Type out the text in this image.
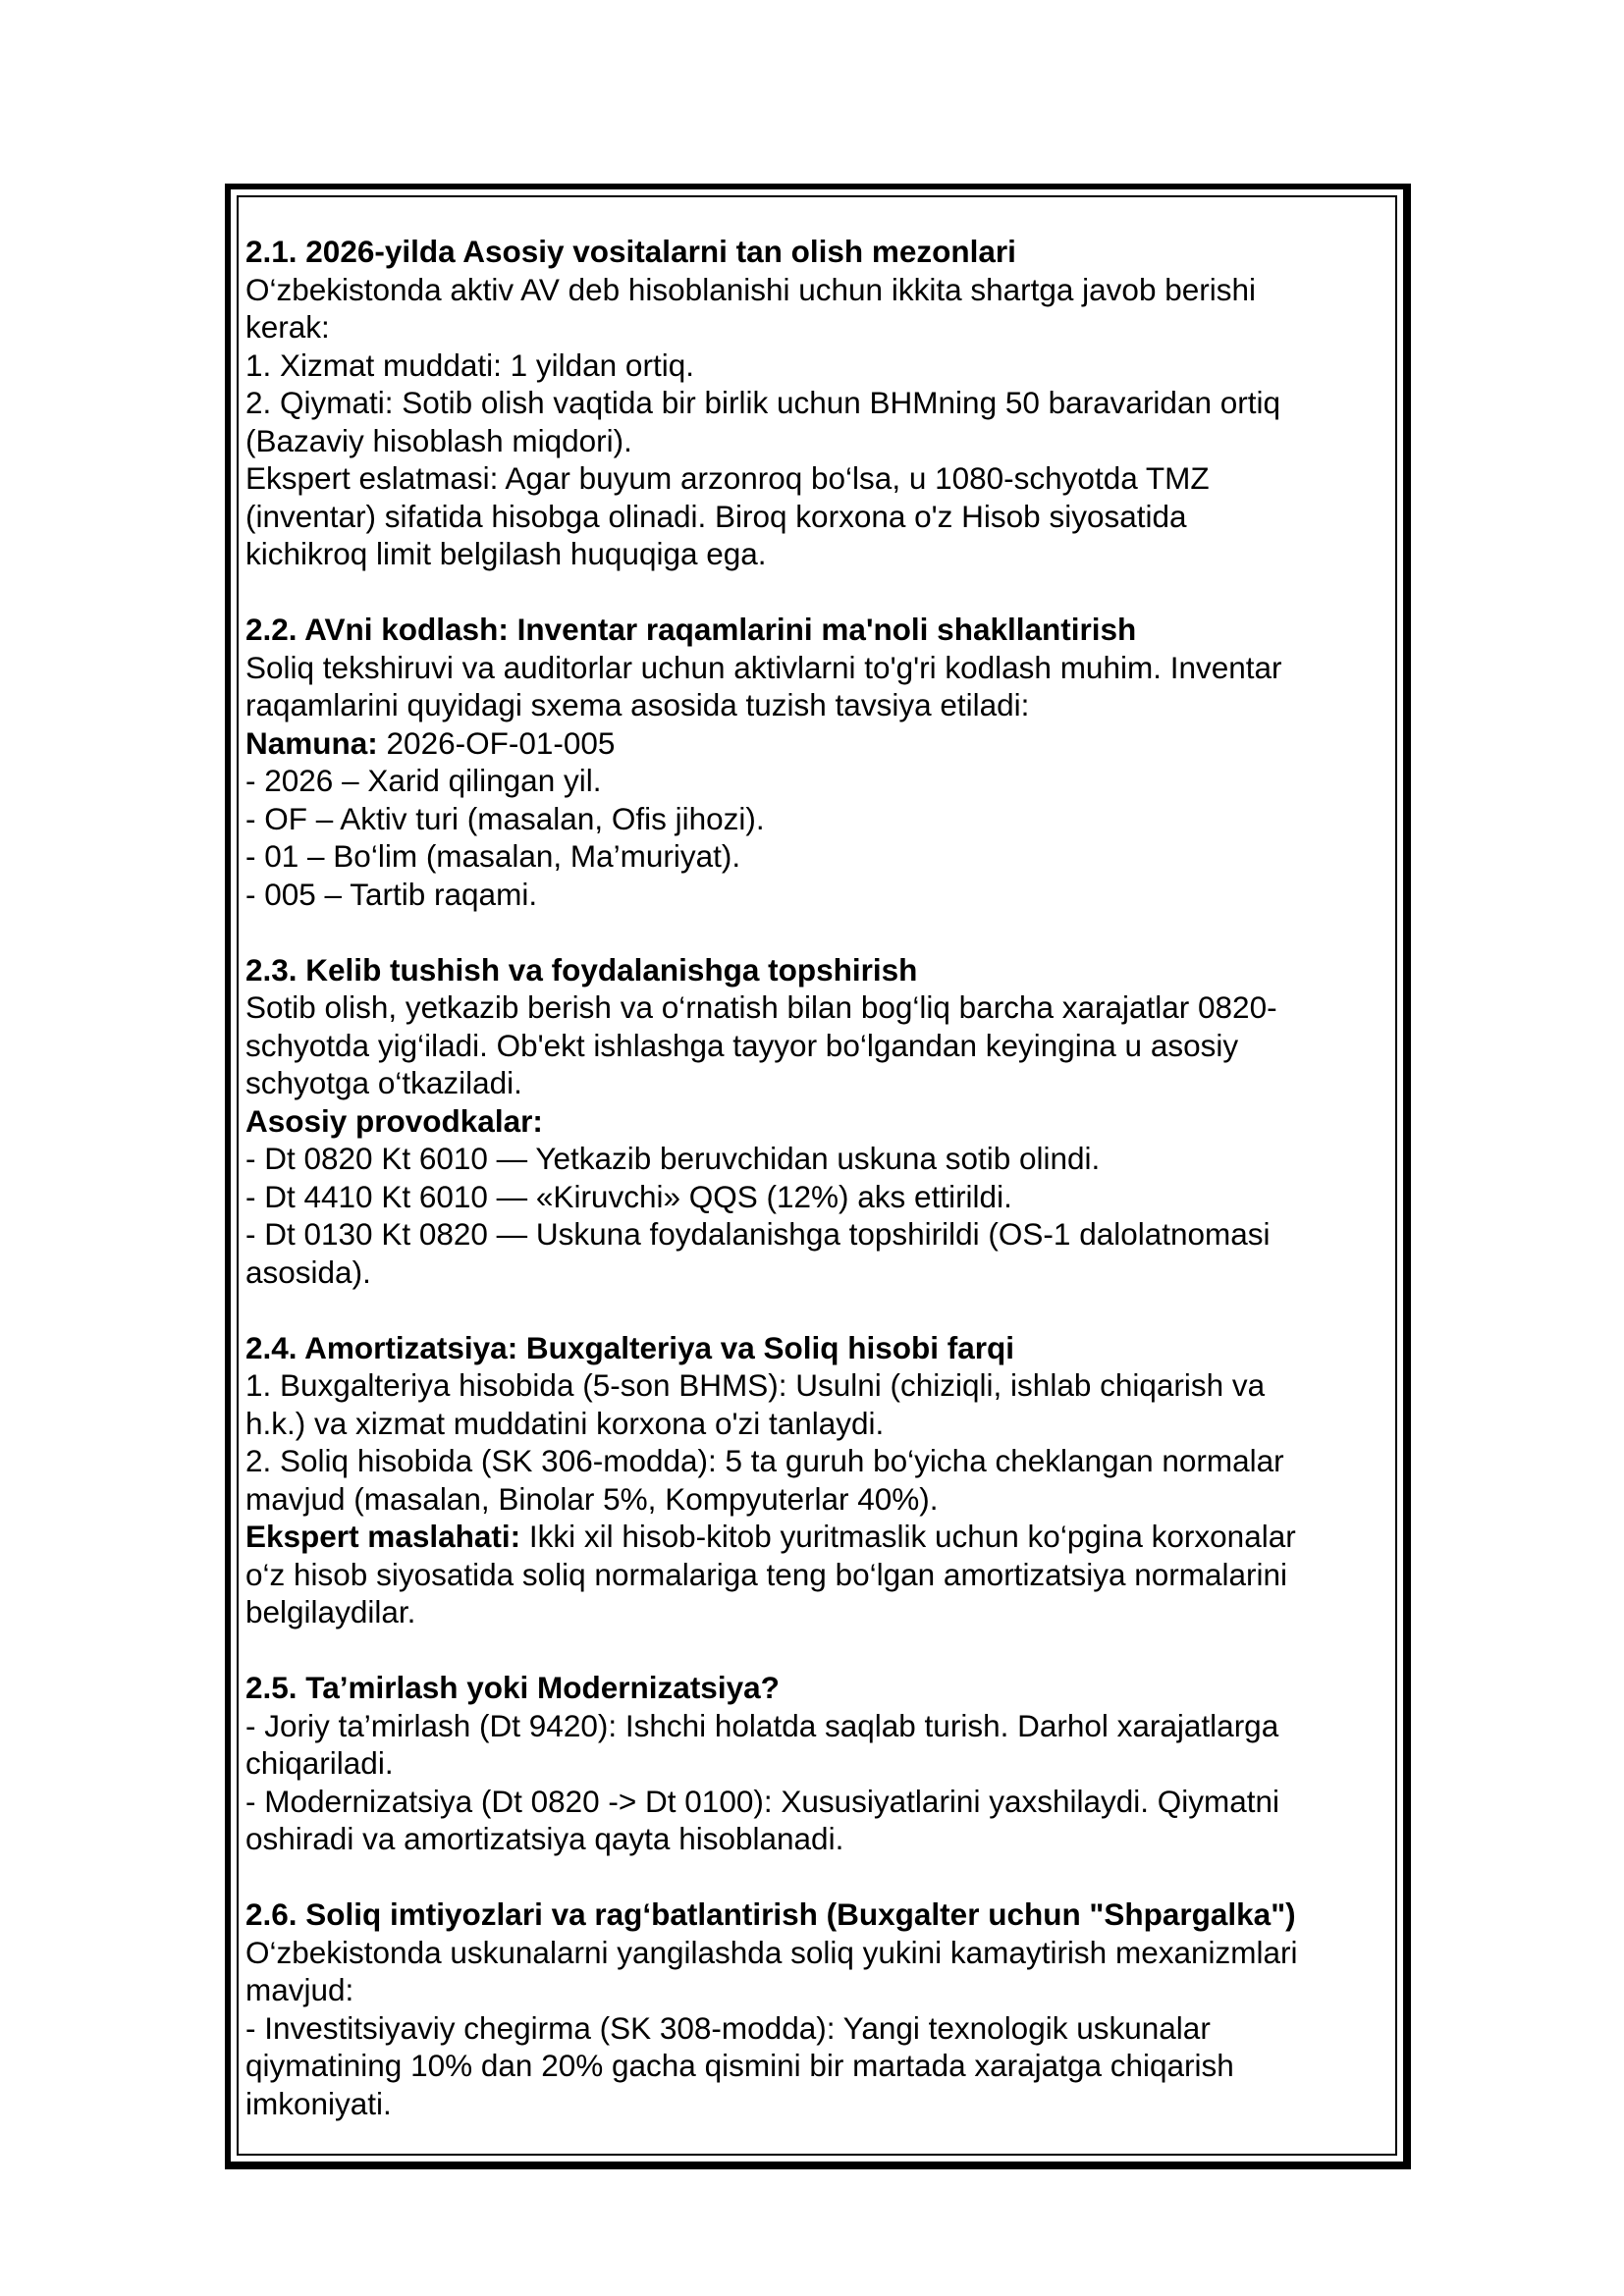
2.1. 2026-yilda Asosiy vositalarni tan olish mezonlari
O‘zbekistonda aktiv AV deb hisoblanishi uchun ikkita shartga javob berishi
kerak:
1. Xizmat muddati: 1 yildan ortiq.
2. Qiymati: Sotib olish vaqtida bir birlik uchun BHMning 50 baravaridan ortiq
(Bazaviy hisoblash miqdori).
Ekspert eslatmasi: Agar buyum arzonroq bo‘lsa, u 1080-schyotda TMZ
(inventar) sifatida hisobga olinadi. Biroq korxona o'z Hisob siyosatida
kichikroq limit belgilash huquqiga ega.
2.2. AVni kodlash: Inventar raqamlarini ma'noli shakllantirish
Soliq tekshiruvi va auditorlar uchun aktivlarni to'g'ri kodlash muhim. Inventar
raqamlarini quyidagi sxema asosida tuzish tavsiya etiladi:
Namuna: 2026-OF-01-005
- 2026 – Xarid qilingan yil.
- OF – Aktiv turi (masalan, Ofis jihozi).
- 01 – Bo‘lim (masalan, Ma’muriyat).
- 005 – Tartib raqami.
2.3. Kelib tushish va foydalanishga topshirish
Sotib olish, yetkazib berish va o‘rnatish bilan bog‘liq barcha xarajatlar 0820-
schyotda yig‘iladi. Ob'ekt ishlashga tayyor bo‘lgandan keyingina u asosiy
schyotga o‘tkaziladi.
Asosiy provodkalar:
- Dt 0820 Kt 6010 — Yetkazib beruvchidan uskuna sotib olindi.
- Dt 4410 Kt 6010 — «Kiruvchi» QQS (12%) aks ettirildi.
- Dt 0130 Kt 0820 — Uskuna foydalanishga topshirildi (OS-1 dalolatnomasi
asosida).
2.4. Amortizatsiya: Buxgalteriya va Soliq hisobi farqi
1. Buxgalteriya hisobida (5-son BHMS): Usulni (chiziqli, ishlab chiqarish va
h.k.) va xizmat muddatini korxona o'zi tanlaydi.
2. Soliq hisobida (SK 306-modda): 5 ta guruh bo‘yicha cheklangan normalar
mavjud (masalan, Binolar 5%, Kompyuterlar 40%).
Ekspert maslahati: Ikki xil hisob-kitob yuritmaslik uchun ko‘pgina korxonalar
o‘z hisob siyosatida soliq normalariga teng bo‘lgan amortizatsiya normalarini
belgilaydilar.
2.5. Ta’mirlash yoki Modernizatsiya?
- Joriy ta’mirlash (Dt 9420): Ishchi holatda saqlab turish. Darhol xarajatlarga
chiqariladi.
- Modernizatsiya (Dt 0820 -> Dt 0100): Xususiyatlarini yaxshilaydi. Qiymatni
oshiradi va amortizatsiya qayta hisoblanadi.
2.6. Soliq imtiyozlari va rag‘batlantirish (Buxgalter uchun "Shpargalka")
O‘zbekistonda uskunalarni yangilashda soliq yukini kamaytirish mexanizmlari
mavjud:
- Investitsiyaviy chegirma (SK 308-modda): Yangi texnologik uskunalar
qiymatining 10% dan 20% gacha qismini bir martada xarajatga chiqarish
imkoniyati.
